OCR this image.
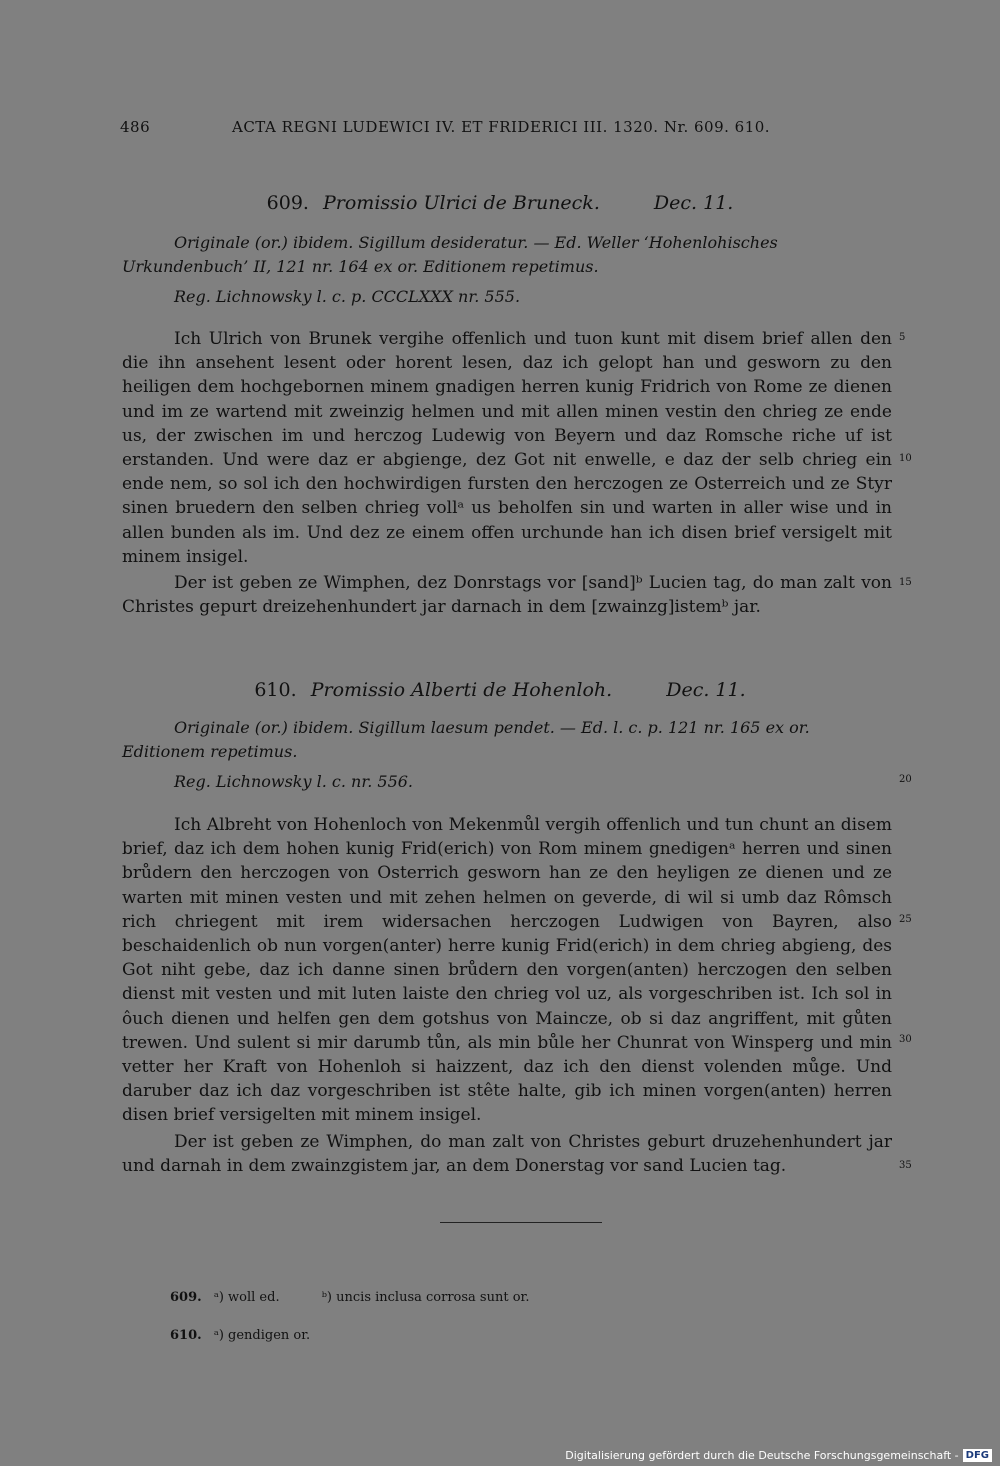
486	ACTA REGNI LUDEWICI IV. ET FRIDERICI III. 1320. Nr. 609. 610.
609. Promissio Ulrici de Bruneck.	Dec. 11.
Originale (or.) ibidem. Sigillum desideratur. — Ed. Weller ‘Hohenlohisches Urkundenbuch’ II, 121 nr. 164 ex or. Editionem repetimus.
Reg. Lichnowsky l. c. p. CCCLXXX nr. 555.

Ich Ulrich von Brunek vergihe offenlich und tuon kunt mit disem brief allen den die ihn ansehent lesent oder horent lesen, daz ich gelopt han und gesworn zu den heiligen dem hochgebornen minem gnadigen herren kunig Fridrich von Rome ze dienen und im ze wartend mit zweinzig helmen und mit allen minen vestin den chrieg ze ende us, der zwischen im und herczog Ludewig von Beyern und daz Romsche riche uf ist erstanden. Und were daz er abgienge, dez Got nit enwelle, e daz der selb chrieg ein ende nem, so sol ich den hochwirdigen fursten den herczogen ze Osterreich und ze Styr sinen bruedern den selben chrieg vollᵃ us beholfen sin und warten in aller wise und in allen bunden als im. Und dez ze einem offen urchunde han ich disen brief versigelt mit minem insigel.

Der ist geben ze Wimphen, dez Donrstags vor [sand]ᵇ Lucien tag, do man zalt von Christes gepurt dreizehenhundert jar darnach in dem [zwainzg]istemᵇ jar.

610. Promissio Alberti de Hohenloh.	Dec. 11.
Originale (or.) ibidem. Sigillum laesum pendet. — Ed. l. c. p. 121 nr. 165 ex or. Editionem repetimus.
Reg. Lichnowsky l. c. nr. 556.

Ich Albreht von Hohenloch von Mekenmůl vergih offenlich und tun chunt an disem brief, daz ich dem hohen kunig Frid(erich) von Rom minem gnedigenᵃ herren und sinen brůdern den herczogen von Osterrich gesworn han ze den heyligen ze dienen und ze warten mit minen vesten und mit zehen helmen on geverde, di wil si umb daz Rômsch rich chriegent mit irem widersachen herczogen Ludwigen von Bayren, also beschaidenlich ob nun vorgen(anter) herre kunig Frid(erich) in dem chrieg abgieng, des Got niht gebe, daz ich danne sinen brůdern den vorgen(anten) herczogen den selben dienst mit vesten und mit luten laiste den chrieg vol uz, als vorgeschriben ist. Ich sol in ôuch dienen und helfen gen dem gotshus von Maincze, ob si daz angriffent, mit gůten trewen. Und sulent si mir darumb tůn, als min bůle her Chunrat von Winsperg und min vetter her Kraft von Hohenloh si haizzent, daz ich den dienst volenden můge. Und daruber daz ich daz vorgeschriben ist stête halte, gib ich minen vorgen(anten) herren disen brief versigelten mit minem insigel.

Der ist geben ze Wimphen, do man zalt von Christes geburt druzehenhundert jar und darnah in dem zwainzgistem jar, an dem Donerstag vor sand Lucien tag.

5
10
15
20
25
30
35
609. ᵃ) woll ed.	ᵇ) uncis inclusa corrosa sunt or.
610. ᵃ) gendigen or.
Digitalisierung gefördert durch die Deutsche Forschungsgemeinschaft - DFG
